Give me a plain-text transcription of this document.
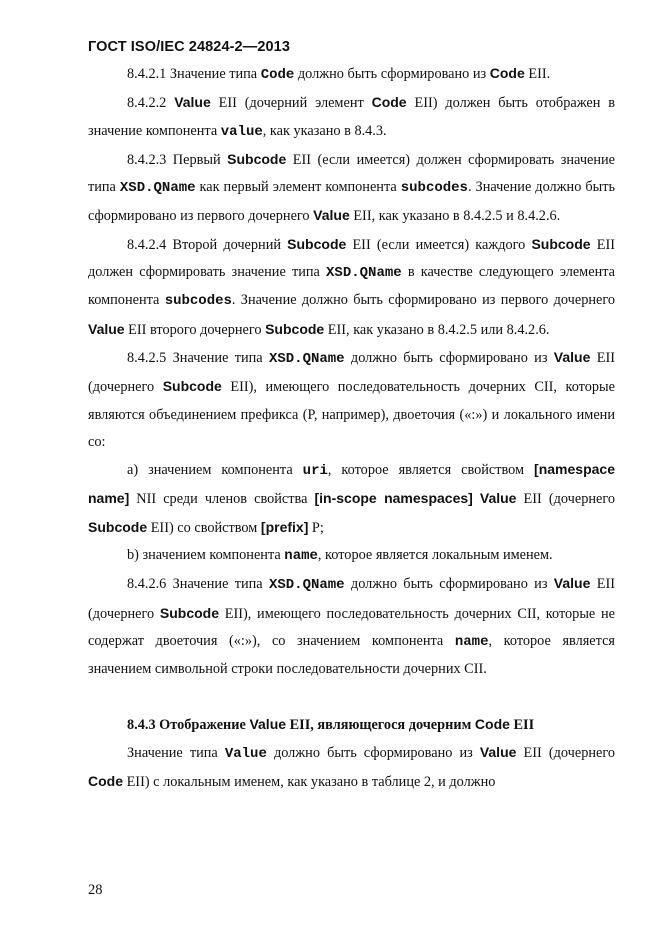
ГОСТ ISO/IEC 24824-2—2013

8.4.2.1 Значение типа Code должно быть сформировано из Code EII.

8.4.2.2 Value EII (дочерний элемент Code EII) должен быть отображен в значение компонента value, как указано в 8.4.3.

8.4.2.3 Первый Subcode EII (если имеется) должен сформировать значение типа XSD.QName как первый элемент компонента subcodes. Значение должно быть сформировано из первого дочернего Value EII, как указано в 8.4.2.5 и 8.4.2.6.

8.4.2.4 Второй дочерний Subcode EII (если имеется) каждого Subcode EII должен сформировать значение типа XSD.QName в качестве следующего элемента компонента subcodes. Значение должно быть сформировано из первого дочернего Value EII второго дочернего Subcode EII, как указано в 8.4.2.5 или 8.4.2.6.

8.4.2.5 Значение типа XSD.QName должно быть сформировано из Value EII (дочернего Subcode EII), имеющего последовательность дочерних CII, которые являются объединением префикса (P, например), двоеточия («:») и локального имени со:

а) значением компонента uri, которое является свойством [namespace name] NII среди членов свойства [in-scope namespaces] Value EII (дочернего Subcode EII) со свойством [prefix] P;

b) значением компонента name, которое является локальным именем.

8.4.2.6 Значение типа XSD.QName должно быть сформировано из Value EII (дочернего Subcode EII), имеющего последовательность дочерних CII, которые не содержат двоеточия («:»), со значением компонента name, которое является значением символьной строки последовательности дочерних CII.

8.4.3 Отображение Value EII, являющегося дочерним Code EII

Значение типа Value должно быть сформировано из Value EII (дочернего Code EII) с локальным именем, как указано в таблице 2, и должно

28
